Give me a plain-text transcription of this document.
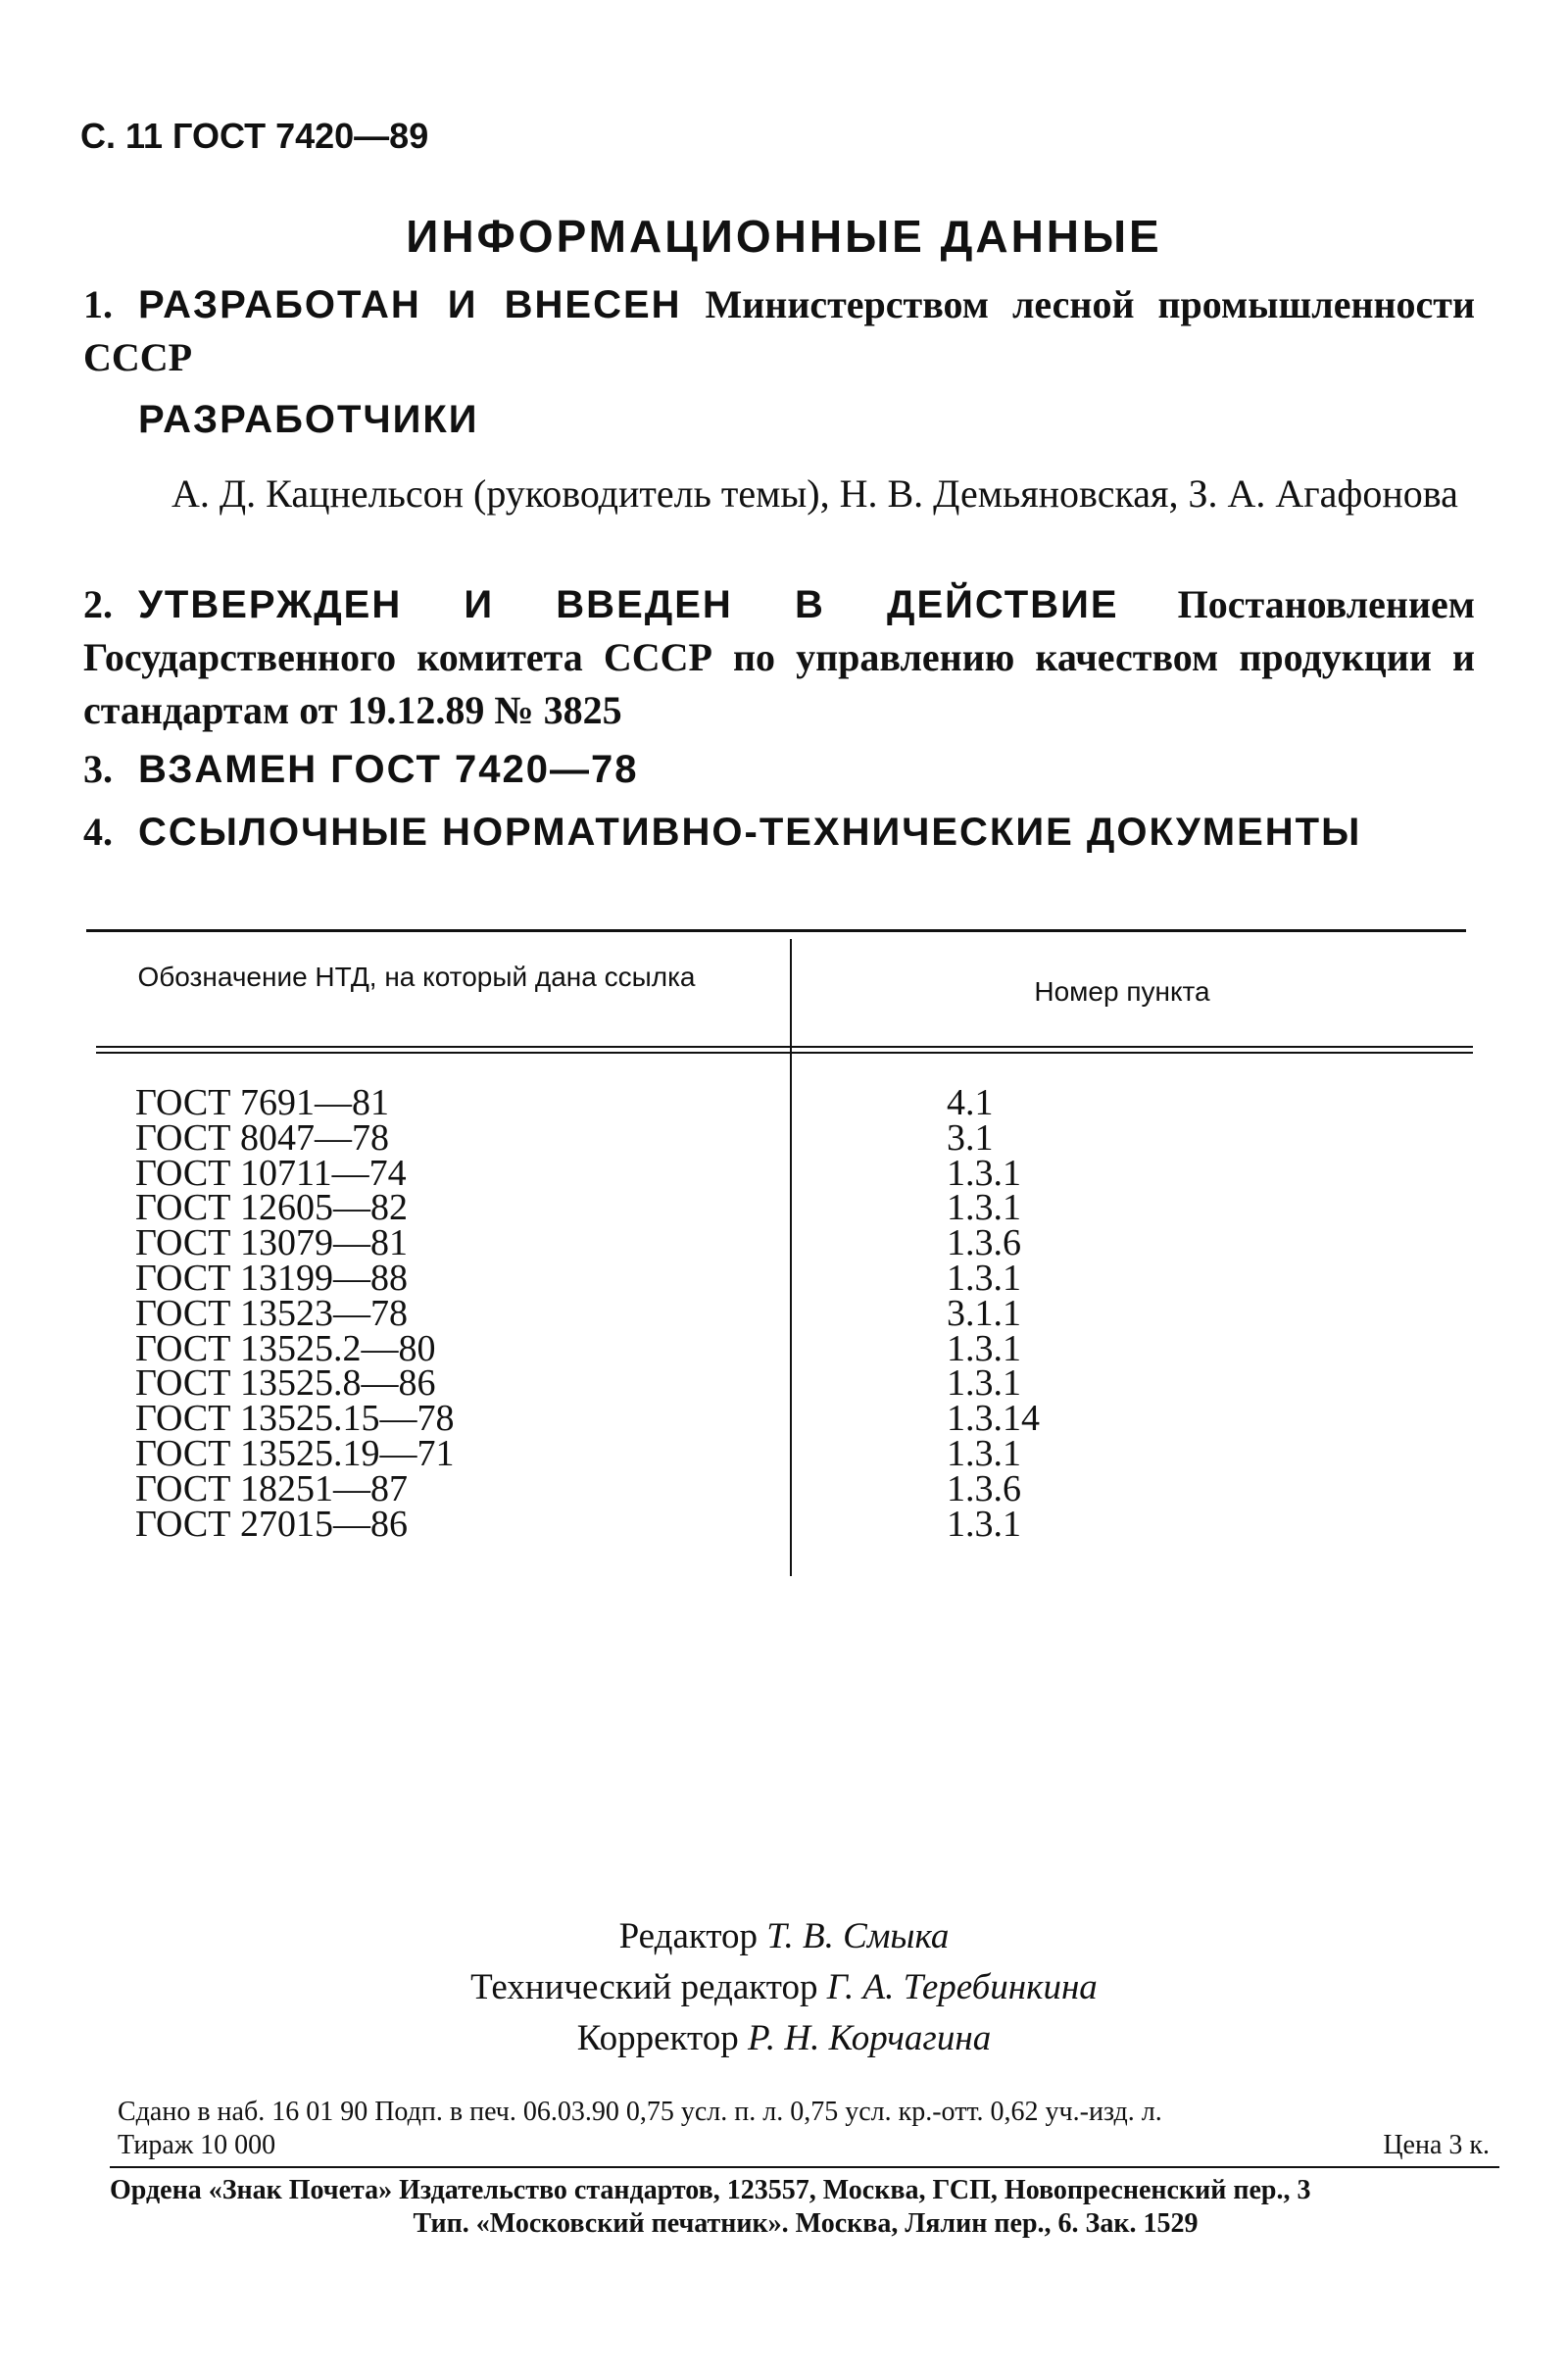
С. 11 ГОСТ 7420—89
ИНФОРМАЦИОННЫЕ ДАННЫЕ
1. РАЗРАБОТАН И ВНЕСЕН Министерством лесной промышленности СССР
РАЗРАБОТЧИКИ
А. Д. Кацнельсон (руководитель темы), Н. В. Демьяновская, З. А. Агафонова
2. УТВЕРЖДЕН И ВВЕДЕН В ДЕЙСТВИЕ Постановлением Государственного комитета СССР по управлению качеством продукции и стандартам от 19.12.89 № 3825
3. ВЗАМЕН ГОСТ 7420—78
4. ССЫЛОЧНЫЕ НОРМАТИВНО-ТЕХНИЧЕСКИЕ ДОКУМЕНТЫ
Обозначение НТД, на который дана ссылка	Номер пункта
ГОСТ 7691—81
ГОСТ 8047—78
ГОСТ 10711—74
ГОСТ 12605—82
ГОСТ 13079—81
ГОСТ 13199—88
ГОСТ 13523—78
ГОСТ 13525.2—80
ГОСТ 13525.8—86
ГОСТ 13525.15—78
ГОСТ 13525.19—71
ГОСТ 18251—87
ГОСТ 27015—86
4.1
3.1
1.3.1
1.3.1
1.3.6
1.3.1
3.1.1
1.3.1
1.3.1
1.3.14
1.3.1
1.3.6
1.3.1
Редактор Т. В. Смыка
Технический редактор Г. А. Теребинкина
Корректор Р. Н. Корчагина
Сдано в наб. 16 01 90 Подп. в печ. 06.03.90 0,75 усл. п. л. 0,75 усл. кр.-отт. 0,62 уч.-изд. л.
Тираж 10 000	Цена 3 к.
Ордена «Знак Почета» Издательство стандартов, 123557, Москва, ГСП, Новопресненский пер., 3
Тип. «Московский печатник». Москва, Лялин пер., 6. Зак. 1529
